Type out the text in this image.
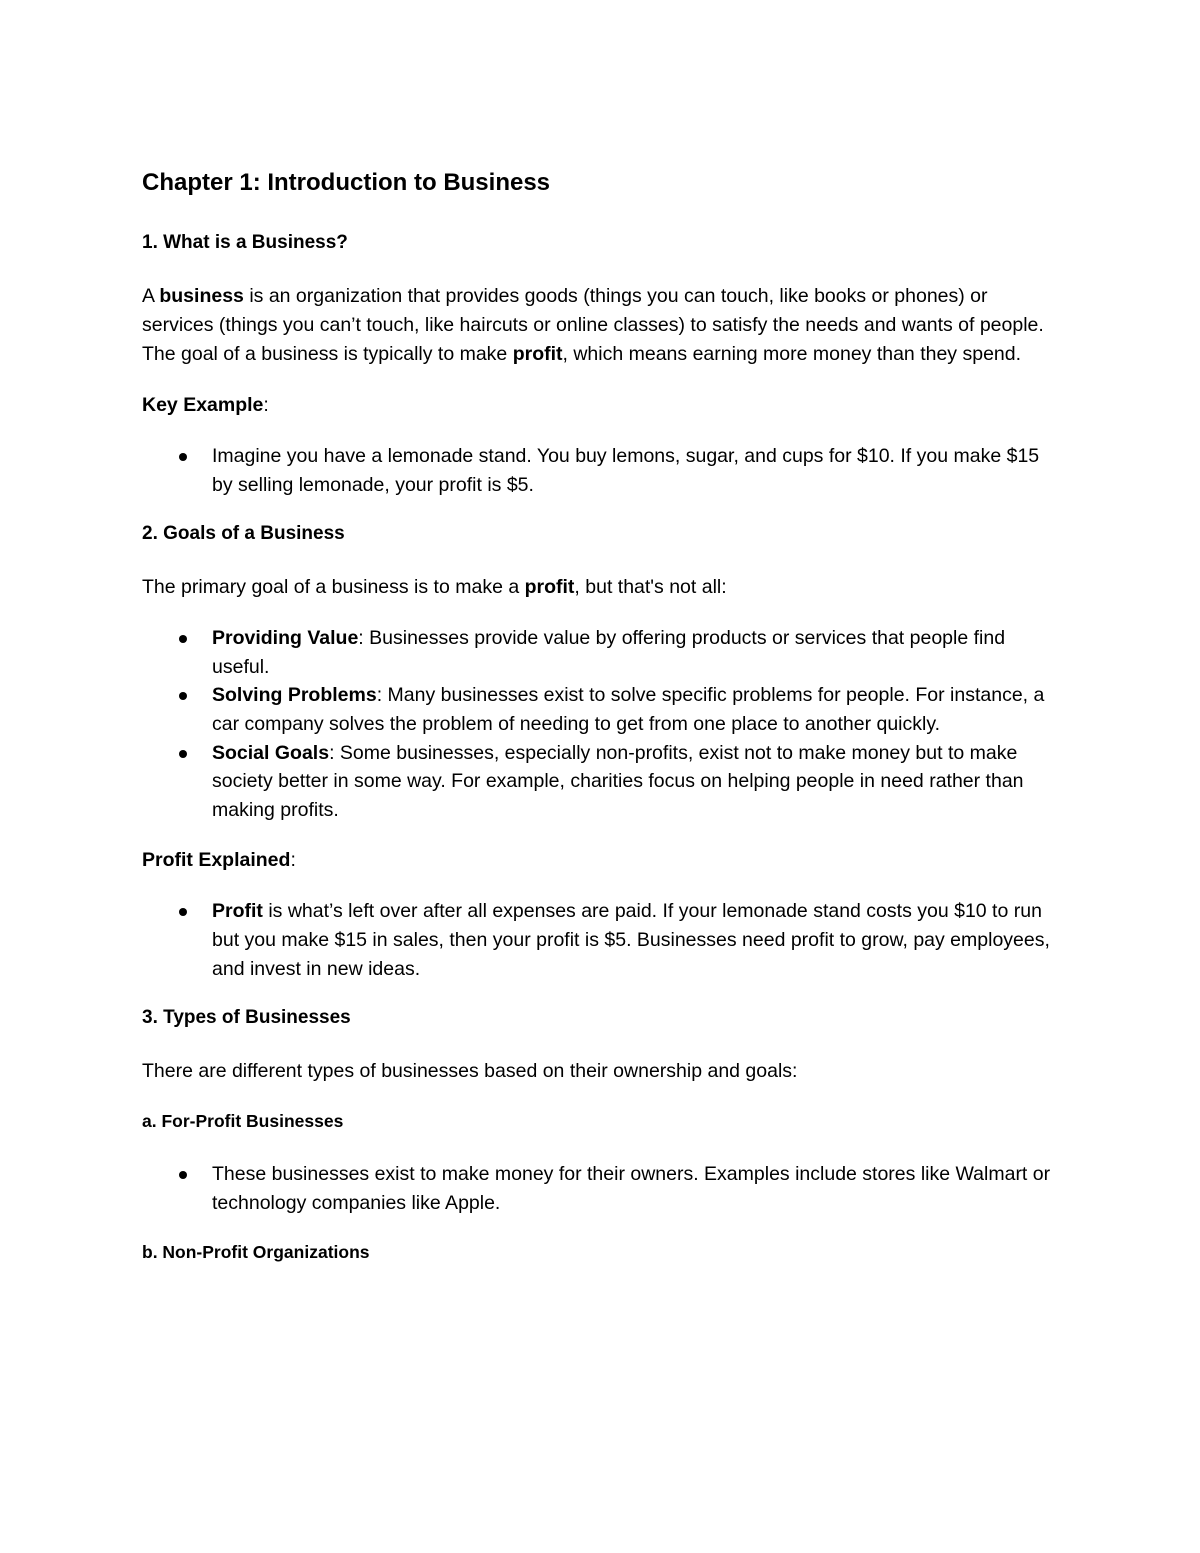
Chapter 1: Introduction to Business
1. What is a Business?

A business is an organization that provides goods (things you can touch, like books or phones) or services (things you can’t touch, like haircuts or online classes) to satisfy the needs and wants of people. The goal of a business is typically to make profit, which means earning more money than they spend.

Key Example:

Imagine you have a lemonade stand. You buy lemons, sugar, and cups for $10. If you make $15 by selling lemonade, your profit is $5.
2. Goals of a Business

The primary goal of a business is to make a profit, but that's not all:

Providing Value: Businesses provide value by offering products or services that people find useful.
Solving Problems: Many businesses exist to solve specific problems for people. For instance, a car company solves the problem of needing to get from one place to another quickly.
Social Goals: Some businesses, especially non-profits, exist not to make money but to make society better in some way. For example, charities focus on helping people in need rather than making profits.

Profit Explained:

Profit is what’s left over after all expenses are paid. If your lemonade stand costs you $10 to run but you make $15 in sales, then your profit is $5. Businesses need profit to grow, pay employees, and invest in new ideas.
3. Types of Businesses

There are different types of businesses based on their ownership and goals:

a. For-Profit Businesses
These businesses exist to make money for their owners. Examples include stores like Walmart or technology companies like Apple.
b. Non-Profit Organizations
